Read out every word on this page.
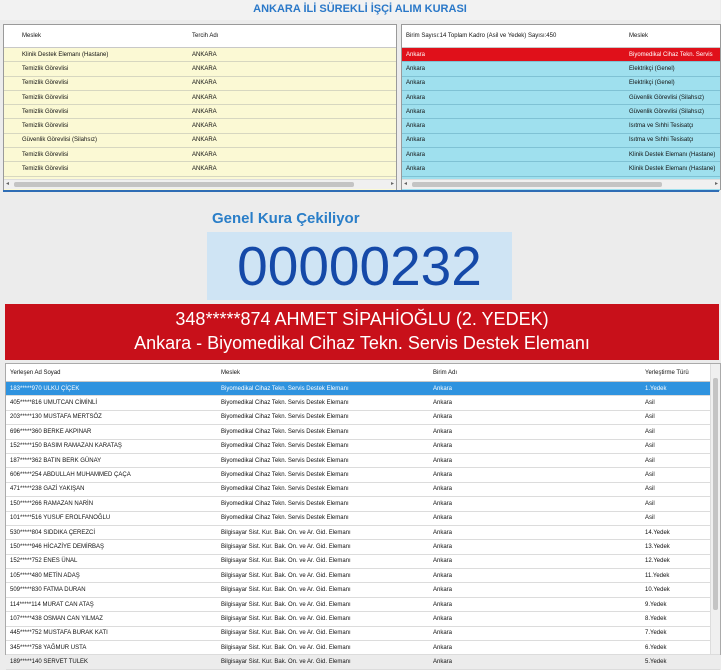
ANKARA İLİ SÜREKLİ İŞÇİ ALIM KURASI
Meslek	Tercih Adı
Klinik Destek Elemanı (Hastane)	ANKARA
Temizlik Görevlisi	ANKARA
Temizlik Görevlisi	ANKARA
Temizlik Görevlisi	ANKARA
Temizlik Görevlisi	ANKARA
Temizlik Görevlisi	ANKARA
Güvenlik Görevlisi (Silahsız)	ANKARA
Temizlik Görevlisi	ANKARA
Temizlik Görevlisi	ANKARA
◂	▸
Birim Sayısı:14 Toplam Kadro (Asil ve Yedek) Sayısı:450	Meslek
Ankara	Biyomedikal Cihaz Tekn. Servis
Ankara	Elektrikçi (Genel)
Ankara	Elektrikçi (Genel)
Ankara	Güvenlik Görevlisi (Silahsız)
Ankara	Güvenlik Görevlisi (Silahsız)
Ankara	Isıtma ve Sıhhi Tesisatçı
Ankara	Isıtma ve Sıhhi Tesisatçı
Ankara	Klinik Destek Elemanı (Hastane)
Ankara	Klinik Destek Elemanı (Hastane)
◂	▸
Genel Kura Çekiliyor
00000232
348*****874 AHMET SİPAHİOĞLU (2. YEDEK)
Ankara - Biyomedikal Cihaz Tekn. Servis Destek Elemanı
Yerleşen Ad Soyad	Meslek	Birim Adı	Yerleştirme Türü
183*****970 ULKU ÇİÇEK	Biyomedikal Cihaz Tekn. Servis Destek Elemanı	Ankara	1.Yedek
405*****816 UMUTCAN CİMİNLİ	Biyomedikal Cihaz Tekn. Servis Destek Elemanı	Ankara	Asil
203*****130 MUSTAFA MERTSÖZ	Biyomedikal Cihaz Tekn. Servis Destek Elemanı	Ankara	Asil
696*****360 BERKE AKPINAR	Biyomedikal Cihaz Tekn. Servis Destek Elemanı	Ankara	Asil
152*****150 BASIM RAMAZAN KARATAŞ	Biyomedikal Cihaz Tekn. Servis Destek Elemanı	Ankara	Asil
187*****362 BATIN BERK GÜNAY	Biyomedikal Cihaz Tekn. Servis Destek Elemanı	Ankara	Asil
606*****254 ABDULLAH MUHAMMED ÇAÇA	Biyomedikal Cihaz Tekn. Servis Destek Elemanı	Ankara	Asil
471*****238 GAZİ YAKIŞAN	Biyomedikal Cihaz Tekn. Servis Destek Elemanı	Ankara	Asil
150*****266 RAMAZAN NARİN	Biyomedikal Cihaz Tekn. Servis Destek Elemanı	Ankara	Asil
101*****516 YUSUF EROLFANOĞLU	Biyomedikal Cihaz Tekn. Servis Destek Elemanı	Ankara	Asil
530*****804 SIDDIKA ÇEREZCİ	Bilgisayar Sist. Kur. Bak. On. ve Ar. Gid. Elemanı	Ankara	14.Yedek
150*****946 HİCAZİYE DEMİRBAŞ	Bilgisayar Sist. Kur. Bak. On. ve Ar. Gid. Elemanı	Ankara	13.Yedek
152*****752 ENES ÜNAL	Bilgisayar Sist. Kur. Bak. On. ve Ar. Gid. Elemanı	Ankara	12.Yedek
105*****480 METİN ADAŞ	Bilgisayar Sist. Kur. Bak. On. ve Ar. Gid. Elemanı	Ankara	11.Yedek
509*****830 FATMA DURAN	Bilgisayar Sist. Kur. Bak. On. ve Ar. Gid. Elemanı	Ankara	10.Yedek
114*****114 MURAT CAN ATAŞ	Bilgisayar Sist. Kur. Bak. On. ve Ar. Gid. Elemanı	Ankara	9.Yedek
107*****438 OSMAN CAN YILMAZ	Bilgisayar Sist. Kur. Bak. On. ve Ar. Gid. Elemanı	Ankara	8.Yedek
445*****752 MUSTAFA BURAK KATI	Bilgisayar Sist. Kur. Bak. On. ve Ar. Gid. Elemanı	Ankara	7.Yedek
345*****758 YAĞMUR USTA	Bilgisayar Sist. Kur. Bak. On. ve Ar. Gid. Elemanı	Ankara	6.Yedek
189*****140 SERVET TULEK	Bilgisayar Sist. Kur. Bak. On. ve Ar. Gid. Elemanı	Ankara	5.Yedek
